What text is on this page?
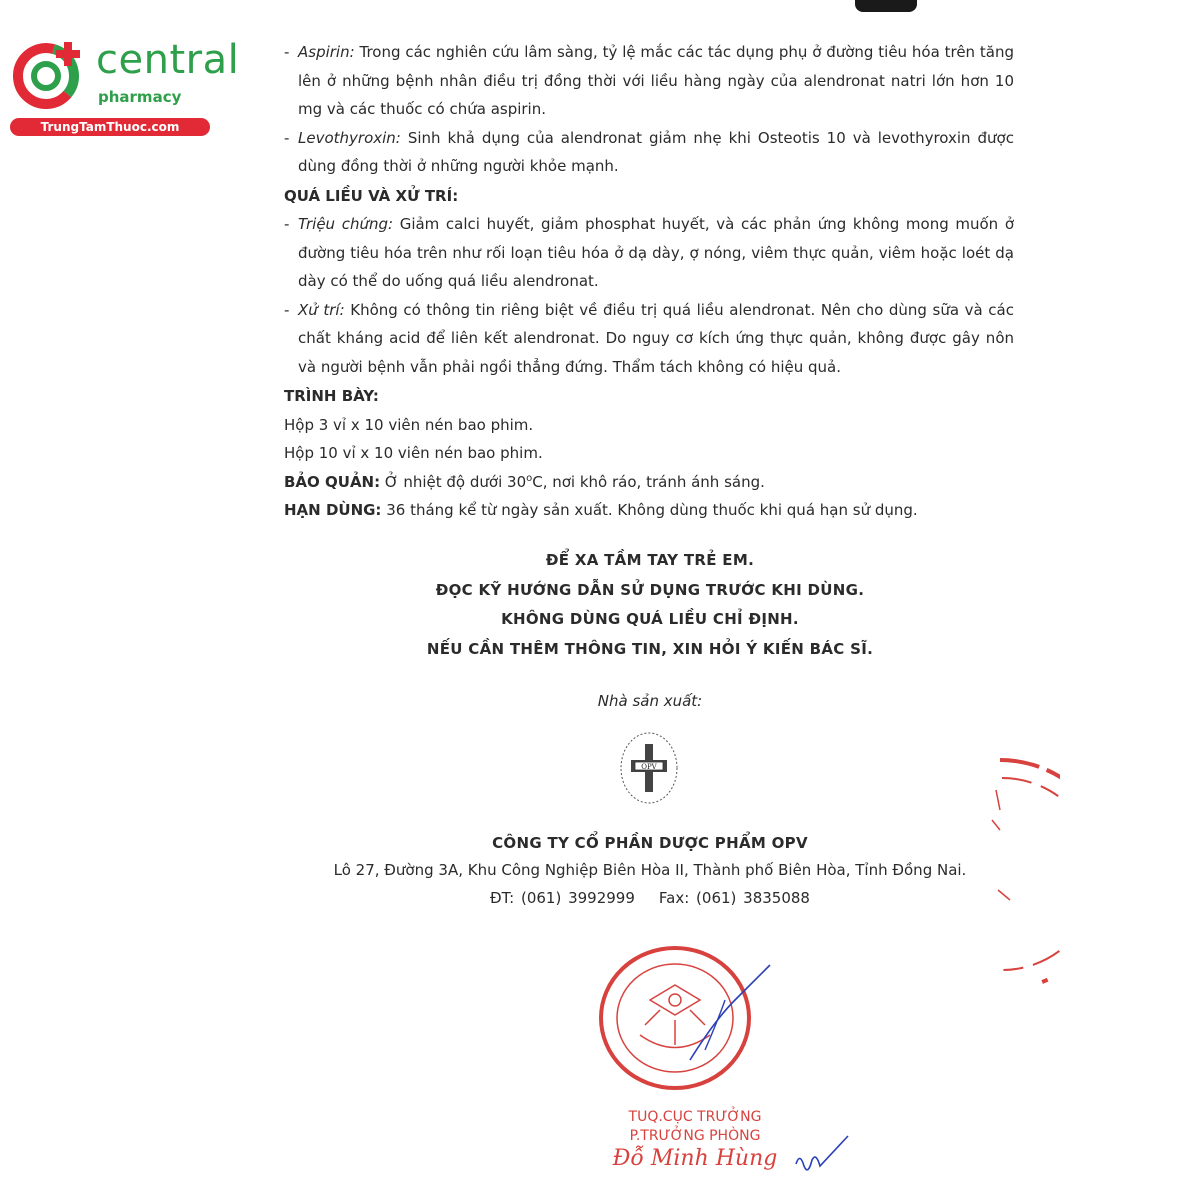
central
pharmacy
TrungTamThuoc.com
- Aspirin: Trong các nghiên cứu lâm sàng, tỷ lệ mắc các tác dụng phụ ở đường tiêu hóa trên tăng lên ở những bệnh nhân điều trị đồng thời với liều hàng ngày của alendronat natri lớn hơn 10 mg và các thuốc có chứa aspirin.
- Levothyroxin: Sinh khả dụng của alendronat giảm nhẹ khi Osteotis 10 và levothyroxin được dùng đồng thời ở những người khỏe mạnh.
QUÁ LIỀU VÀ XỬ TRÍ:
- Triệu chứng: Giảm calci huyết, giảm phosphat huyết, và các phản ứng không mong muốn ở đường tiêu hóa trên như rối loạn tiêu hóa ở dạ dày, ợ nóng, viêm thực quản, viêm hoặc loét dạ dày có thể do uống quá liều alendronat.
- Xử trí: Không có thông tin riêng biệt về điều trị quá liều alendronat. Nên cho dùng sữa và các chất kháng acid để liên kết alendronat. Do nguy cơ kích ứng thực quản, không được gây nôn và người bệnh vẫn phải ngồi thẳng đứng. Thẩm tách không có hiệu quả.
TRÌNH BÀY:
Hộp 3 vỉ x 10 viên nén bao phim.
Hộp 10 vỉ x 10 viên nén bao phim.
BẢO QUẢN: Ở nhiệt độ dưới 30$^o$C, nơi khô ráo, tránh ánh sáng.
HẠN DÙNG: 36 tháng kể từ ngày sản xuất. Không dùng thuốc khi quá hạn sử dụng.
ĐỂ XA TẦM TAY TRẺ EM.
ĐỌC KỸ HƯỚNG DẪN SỬ DỤNG TRƯỚC KHI DÙNG.
KHÔNG DÙNG QUÁ LIỀU CHỈ ĐỊNH.
NẾU CẦN THÊM THÔNG TIN, XIN HỎI Ý KIẾN BÁC SĨ.
Nhà sản xuất:
OPV
CÔNG TY CỔ PHẦN DƯỢC PHẨM OPV
Lô 27, Đường 3A, Khu Công Nghiệp Biên Hòa II, Thành phố Biên Hòa, Tỉnh Đồng Nai.
ĐT: (061) 3992999 Fax: (061) 3835088
TUQ.CỤC TRƯỞNG
P.TRƯỞNG PHÒNG
Đỗ Minh Hùng
